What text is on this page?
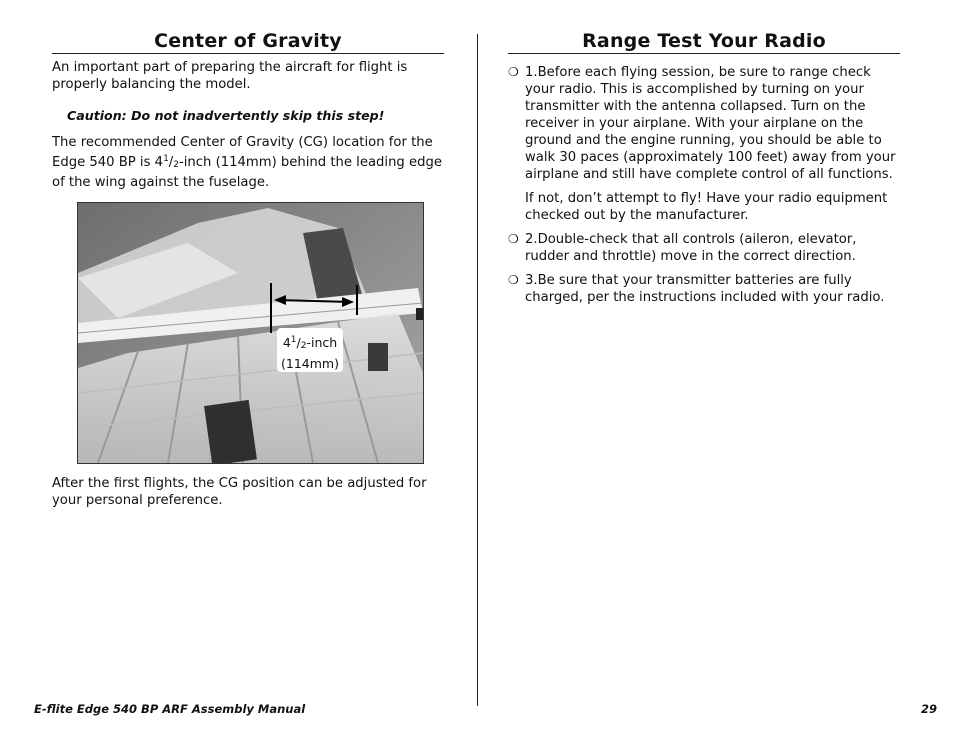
Center of Gravity

An important part of preparing the aircraft for flight is properly balancing the model.

Caution: Do not inadvertently skip this step!

The recommended Center of Gravity (CG) location for the Edge 540 BP is $4^1/_2$-inch (114mm) behind the leading edge of the wing against the fuselage.

$4^1/_2$-inch
(114mm)

After the first flights, the CG position can be adjusted for your personal preference.

Range Test Your Radio
❍ 1.Before each flying session, be sure to range check your radio. This is accomplished by turning on your transmitter with the antenna collapsed. Turn on the receiver in your airplane. With your airplane on the ground and the engine running, you should be able to walk 30 paces (approximately 100 feet) away from your airplane and still have complete control of all functions.

If not, don’t attempt to fly! Have your radio equipment checked out by the manufacturer.

❍ 2.Double-check that all controls (aileron, elevator, rudder and throttle) move in the correct direction.

❍ 3.Be sure that your transmitter batteries are fully charged, per the instructions included with your radio.

E-flite Edge 540 BP ARF Assembly Manual	29
